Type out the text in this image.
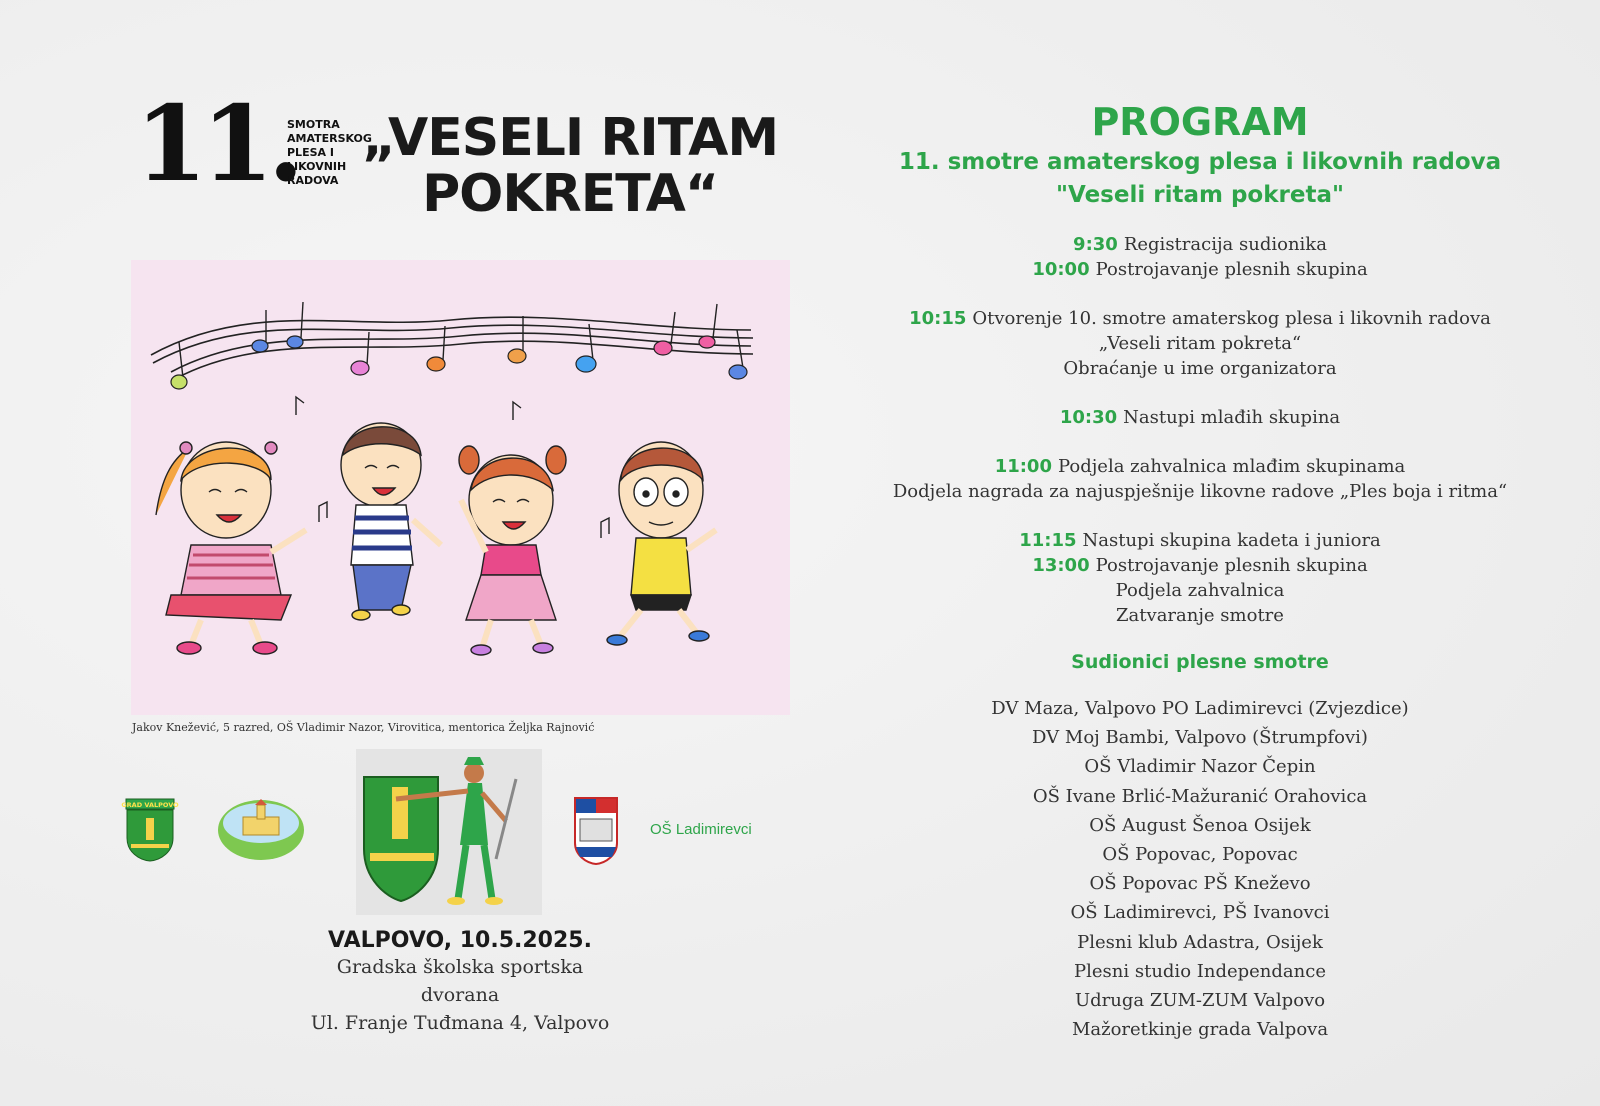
11.
SMOTRA
AMATERSKOG
PLESA I
LIKOVNIH
RADOVA
„VESELI RITAM
POKRETA“
Jakov Knežević, 5 razred, OŠ Vladimir Nazor, Virovitica, mentorica Željka Rajnović
GRAD VALPOVO
OŠ Ladimirevci
VALPOVO, 10.5.2025.
Gradska školska sportska dvorana
Ul. Franje Tuđmana 4, Valpovo
PROGRAM
11. smotre amaterskog plesa i likovnih radova
"Veseli ritam pokreta"
9:30 Registracija sudionika
10:00 Postrojavanje plesnih skupina
10:15 Otvorenje 10. smotre amaterskog plesa i likovnih radova
„Veseli ritam pokreta“
Obraćanje u ime organizatora
10:30 Nastupi mlađih skupina
11:00 Podjela zahvalnica mlađim skupinama
Dodjela nagrada za najuspješnije likovne radove „Ples boja i ritma“
11:15 Nastupi skupina kadeta i juniora
13:00 Postrojavanje plesnih skupina
Podjela zahvalnica
Zatvaranje smotre
Sudionici plesne smotre
DV Maza, Valpovo PO Ladimirevci (Zvjezdice)
DV Moj Bambi, Valpovo (Štrumpfovi)
OŠ Vladimir Nazor Čepin
OŠ Ivane Brlić-Mažuranić Orahovica
OŠ August Šenoa Osijek
OŠ Popovac, Popovac
OŠ Popovac PŠ Kneževo
OŠ Ladimirevci, PŠ Ivanovci
Plesni klub Adastra, Osijek
Plesni studio Independance
Udruga ZUM-ZUM Valpovo
Mažoretkinje grada Valpova
